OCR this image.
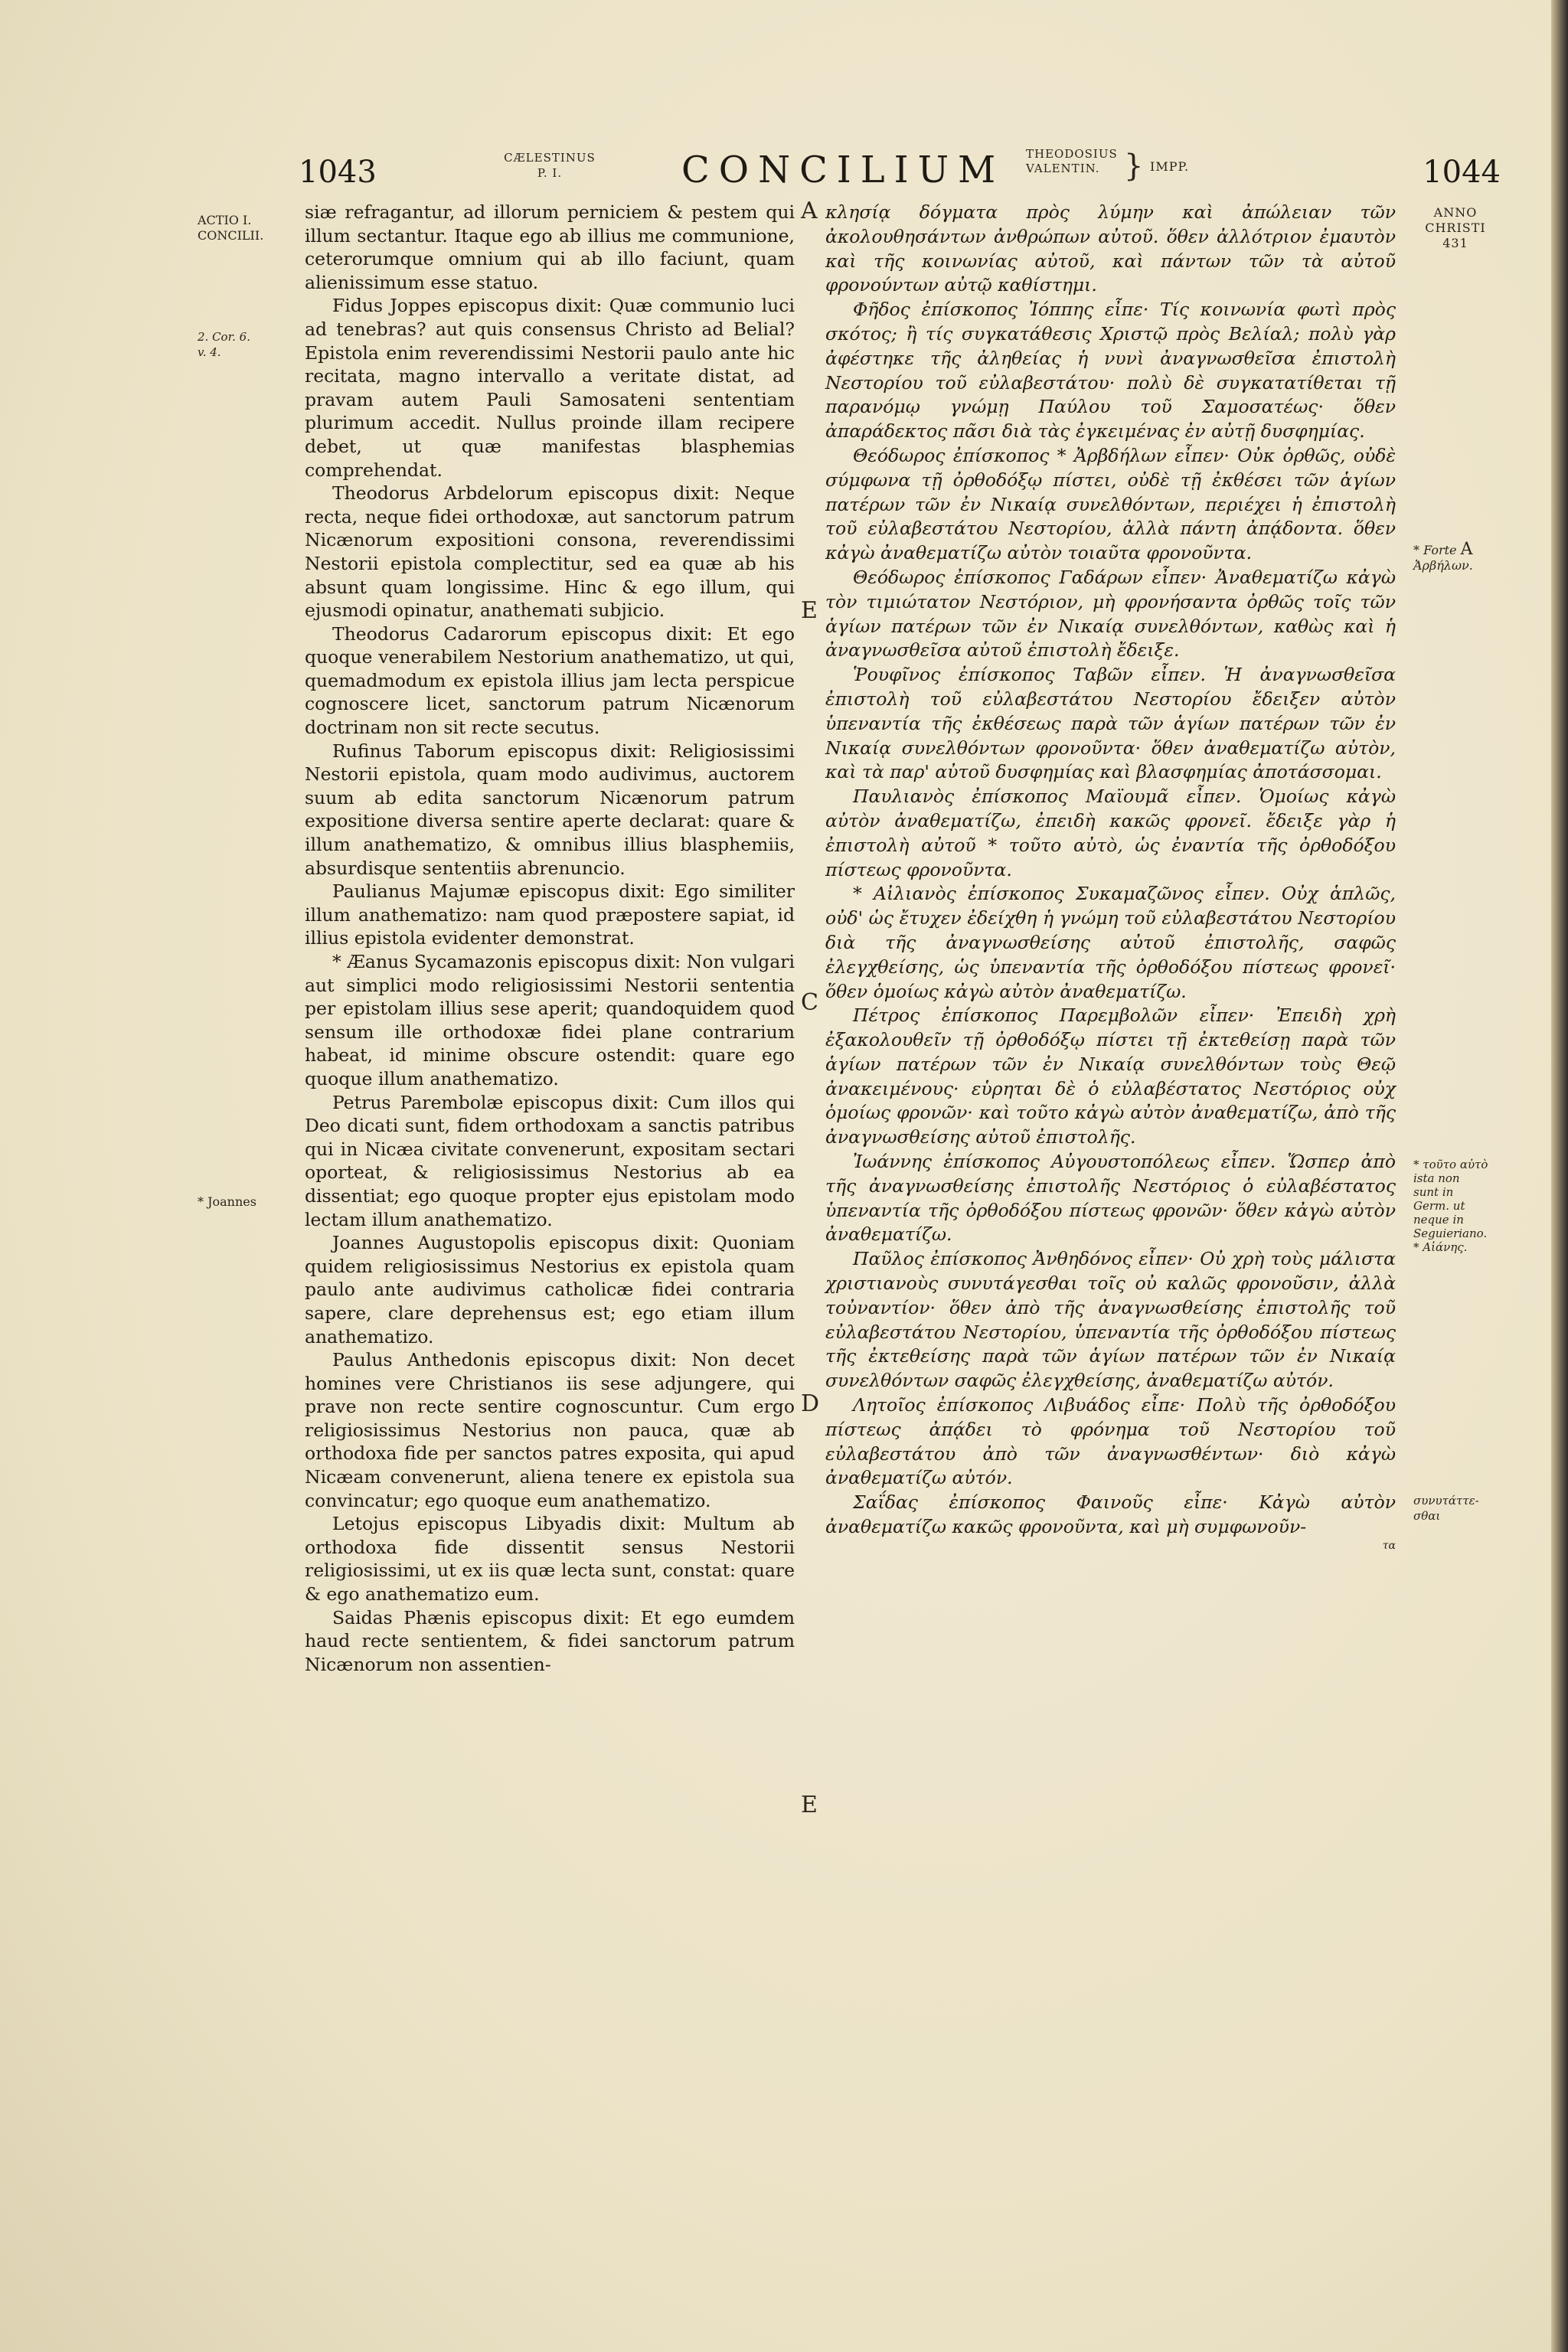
1043	CÆLESTINUS
P. I.	CONCILIUM THEODOSIUS
VALENTIN. } IMPP.	1044
ACTIO I.
CONCILII.
2. Cor. 6.
v. 4.
* Joannes

siæ refragantur, ad illorum perniciem & pestem qui illum sectantur. Itaque ego ab illius me communione, ceterorumque omnium qui ab illo faciunt, quam alienissimum esse statuo.

Fidus Joppes episcopus dixit: Quæ communio luci ad tenebras? aut quis consensus Christo ad Belial? Epistola enim reverendissimi Nestorii paulo ante hic recitata, magno intervallo a veritate distat, ad pravam autem Pauli Samosateni sententiam plurimum accedit. Nullus proinde illam recipere debet, ut quæ manifestas blasphemias comprehendat.

Theodorus Arbdelorum episcopus dixit: Neque recta, neque fidei orthodoxæ, aut sanctorum patrum Nicænorum expositioni consona, reverendissimi Nestorii epistola complectitur, sed ea quæ ab his absunt quam longissime. Hinc & ego illum, qui ejusmodi opinatur, anathemati subjicio.

Theodorus Cadarorum episcopus dixit: Et ego quoque venerabilem Nestorium anathematizo, ut qui, quemadmodum ex epistola illius jam lecta perspicue cognoscere licet, sanctorum patrum Nicænorum doctrinam non sit recte secutus.

Rufinus Taborum episcopus dixit: Religiosissimi Nestorii epistola, quam modo audivimus, auctorem suum ab edita sanctorum Nicænorum patrum expositione diversa sentire aperte declarat: quare & illum anathematizo, & omnibus illius blasphemiis, absurdisque sententiis abrenuncio.

Paulianus Majumæ episcopus dixit: Ego similiter illum anathematizo: nam quod præpostere sapiat, id illius epistola evidenter demonstrat.

* Æanus Sycamazonis episcopus dixit: Non vulgari aut simplici modo religiosissimi Nestorii sententia per epistolam illius sese aperit; quandoquidem quod sensum ille orthodoxæ fidei plane contrarium habeat, id minime obscure ostendit: quare ego quoque illum anathematizo.

Petrus Parembolæ episcopus dixit: Cum illos qui Deo dicati sunt, fidem orthodoxam a sanctis patribus qui in Nicæa civitate convenerunt, expositam sectari oporteat, & religiosissimus Nestorius ab ea dissentiat; ego quoque propter ejus epistolam modo lectam illum anathematizo.

Joannes Augustopolis episcopus dixit: Quoniam quidem religiosissimus Nestorius ex epistola quam paulo ante audivimus catholicæ fidei contraria sapere, clare deprehensus est; ego etiam illum anathematizo.

Paulus Anthedonis episcopus dixit: Non decet homines vere Christianos iis sese adjungere, qui prave non recte sentire cognoscuntur. Cum ergo religiosissimus Nestorius non pauca, quæ ab orthodoxa fide per sanctos patres exposita, qui apud Nicæam convenerunt, aliena tenere ex epistola sua convincatur; ego quoque eum anathematizo.

Letojus episcopus Libyadis dixit: Multum ab orthodoxa fide dissentit sensus Nestorii religiosissimi, ut ex iis quæ lecta sunt, constat: quare & ego anathematizo eum.

Saidas Phænis episcopus dixit: Et ego eumdem haud recte sentientem, & fidei sanctorum patrum Nicænorum non assentien-

A
E
C
D
E

κλησίᾳ δόγματα πρὸς λύμην καὶ ἀπώλειαν τῶν ἀκολουθησάντων ἀνθρώπων αὐτοῦ. ὅθεν ἀλλότριον ἐμαυτὸν καὶ τῆς κοινωνίας αὐτοῦ, καὶ πάντων τῶν τὰ αὐτοῦ φρονούντων αὐτῷ καθίστημι.

Φῆδος ἐπίσκοπος Ἰόππης εἶπε· Τίς κοινωνία φωτὶ πρὸς σκότος; ἢ τίς συγκατάθεσις Χριστῷ πρὸς Βελίαλ; πολὺ γὰρ ἀφέστηκε τῆς ἀληθείας ἡ νυνὶ ἀναγνωσθεῖσα ἐπιστολὴ Νεστορίου τοῦ εὐλαβεστάτου· πολὺ δὲ συγκατατίθεται τῇ παρανόμῳ γνώμῃ Παύλου τοῦ Σαμοσατέως· ὅθεν ἀπαράδεκτος πᾶσι διὰ τὰς ἐγκειμένας ἐν αὐτῇ δυσφημίας.

Θεόδωρος ἐπίσκοπος * Ἀρβδήλων εἶπεν· Οὐκ ὀρθῶς, οὐδὲ σύμφωνα τῇ ὀρθοδόξῳ πίστει, οὐδὲ τῇ ἐκθέσει τῶν ἁγίων πατέρων τῶν ἐν Νικαίᾳ συνελθόντων, περιέχει ἡ ἐπιστολὴ τοῦ εὐλαβεστάτου Νεστορίου, ἀλλὰ πάντη ἀπᾴδοντα. ὅθεν κἀγὼ ἀναθεματίζω αὐτὸν τοιαῦτα φρονοῦντα.

Θεόδωρος ἐπίσκοπος Γαδάρων εἶπεν· Ἀναθεματίζω κἀγὼ τὸν τιμιώτατον Νεστόριον, μὴ φρονήσαντα ὀρθῶς τοῖς τῶν ἁγίων πατέρων τῶν ἐν Νικαίᾳ συνελθόντων, καθὼς καὶ ἡ ἀναγνωσθεῖσα αὐτοῦ ἐπιστολὴ ἔδειξε.

Ῥουφῖνος ἐπίσκοπος Ταβῶν εἶπεν. Ἡ ἀναγνωσθεῖσα ἐπιστολὴ τοῦ εὐλαβεστάτου Νεστορίου ἔδειξεν αὐτὸν ὑπεναντία τῆς ἐκθέσεως παρὰ τῶν ἁγίων πατέρων τῶν ἐν Νικαίᾳ συνελθόντων φρονοῦντα· ὅθεν ἀναθεματίζω αὐτὸν, καὶ τὰ παρ' αὐτοῦ δυσφημίας καὶ βλασφημίας ἀποτάσσομαι.

Παυλιανὸς ἐπίσκοπος Μαϊουμᾶ εἶπεν. Ὁμοίως κἀγὼ αὐτὸν ἀναθεματίζω, ἐπειδὴ κακῶς φρονεῖ. ἔδειξε γὰρ ἡ ἐπιστολὴ αὐτοῦ * τοῦτο αὐτὸ, ὡς ἐναντία τῆς ὀρθοδόξου πίστεως φρονοῦντα.

* Αἰλιανὸς ἐπίσκοπος Συκαμαζῶνος εἶπεν. Οὐχ ἁπλῶς, οὐδ' ὡς ἔτυχεν ἐδείχθη ἡ γνώμη τοῦ εὐλαβεστάτου Νεστορίου διὰ τῆς ἀναγνωσθείσης αὐτοῦ ἐπιστολῆς, σαφῶς ἐλεγχθείσης, ὡς ὑπεναντία τῆς ὀρθοδόξου πίστεως φρονεῖ· ὅθεν ὁμοίως κἀγὼ αὐτὸν ἀναθεματίζω.

Πέτρος ἐπίσκοπος Παρεμβολῶν εἶπεν· Ἐπειδὴ χρὴ ἐξακολουθεῖν τῇ ὀρθοδόξῳ πίστει τῇ ἐκτεθείσῃ παρὰ τῶν ἁγίων πατέρων τῶν ἐν Νικαίᾳ συνελθόντων τοὺς Θεῷ ἀνακειμένους· εὑρηται δὲ ὁ εὐλαβέστατος Νεστόριος οὐχ ὁμοίως φρονῶν· καὶ τοῦτο κἀγὼ αὐτὸν ἀναθεματίζω, ἀπὸ τῆς ἀναγνωσθείσης αὐτοῦ ἐπιστολῆς.

Ἰωάννης ἐπίσκοπος Αὐγουστοπόλεως εἶπεν. Ὥσπερ ἀπὸ τῆς ἀναγνωσθείσης ἐπιστολῆς Νεστόριος ὁ εὐλαβέστατος ὑπεναντία τῆς ὀρθοδόξου πίστεως φρονῶν· ὅθεν κἀγὼ αὐτὸν ἀναθεματίζω.

Παῦλος ἐπίσκοπος Ἀνθηδόνος εἶπεν· Οὐ χρὴ τοὺς μάλιστα χριστιανοὺς συνυτάγεσθαι τοῖς οὐ καλῶς φρονοῦσιν, ἀλλὰ τοὐναντίον· ὅθεν ἀπὸ τῆς ἀναγνωσθείσης ἐπιστολῆς τοῦ εὐλαβεστάτου Νεστορίου, ὑπεναντία τῆς ὀρθοδόξου πίστεως τῆς ἐκτεθείσης παρὰ τῶν ἁγίων πατέρων τῶν ἐν Νικαίᾳ συνελθόντων σαφῶς ἐλεγχθείσης, ἀναθεματίζω αὐτόν.

Λητοῖος ἐπίσκοπος Λιβυάδος εἶπε· Πολὺ τῆς ὀρθοδόξου πίστεως ἀπᾴδει τὸ φρόνημα τοῦ Νεστορίου τοῦ εὐλαβεστάτου ἀπὸ τῶν ἀναγνωσθέντων· διὸ κἀγὼ ἀναθεματίζω αὐτόν.

Σαΐδας ἐπίσκοπος Φαινοῦς εἶπε· Κἀγὼ αὐτὸν ἀναθεματίζω κακῶς φρονοῦντα, καὶ μὴ συμφωνοῦν-

τα

ANNO
CHRISTI
431
* Forte A
Ἀρβήλων.
* τοῦτο αὐτὸ
ista non
sunt in
Germ. ut
neque in
Seguieriano.
* Αἰάνης.
συνυτάττε-
σθαι
